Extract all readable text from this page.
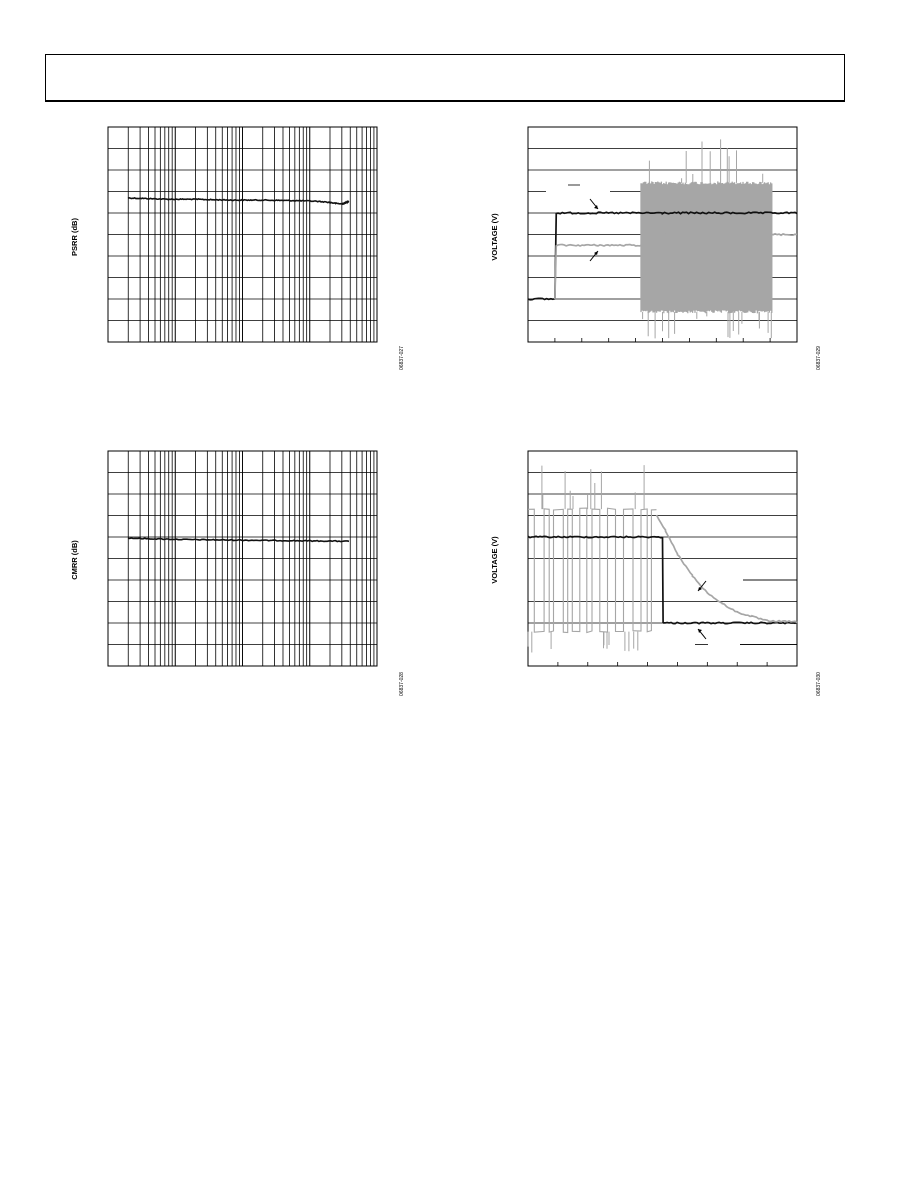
PSRR (dB)
06837-027
CMRR (dB)
06837-028
VOLTAGE (V)
06837-029
VOLTAGE (V)
06837-030
